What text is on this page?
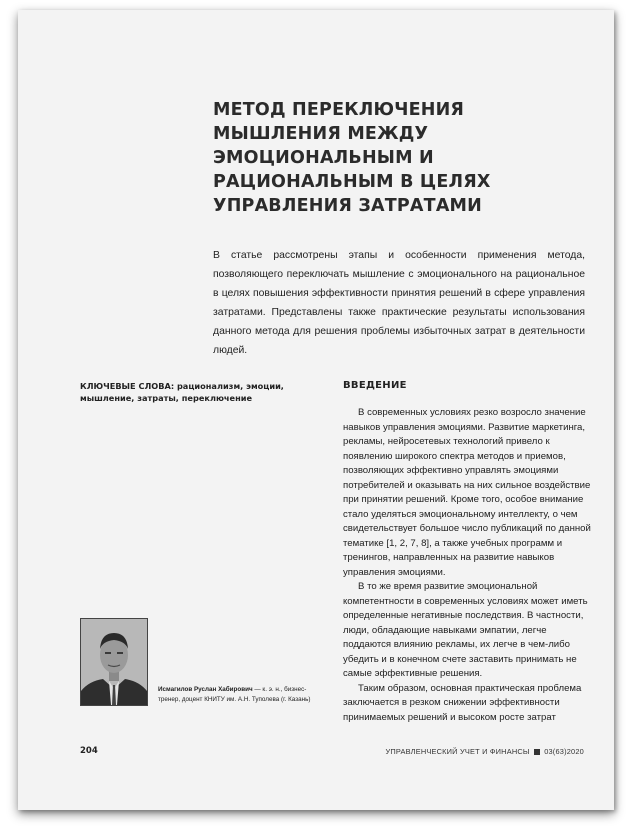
МЕТОД ПЕРЕКЛЮЧЕНИЯ МЫШЛЕНИЯ МЕЖДУ ЭМОЦИОНАЛЬНЫМ И РАЦИОНАЛЬНЫМ В ЦЕЛЯХ УПРАВЛЕНИЯ ЗАТРАТАМИ

В статье рассмотрены этапы и особенности применения метода, позволяющего переключать мышление с эмоционального на рациональное в целях повышения эффективности принятия решений в сфере управления затратами. Представлены также практические результаты использования данного метода для решения проблемы избыточных затрат в деятельности людей.

КЛЮЧЕВЫЕ СЛОВА: рационализм, эмоции, мышление, затраты, переключение

ВВЕДЕНИЕ

В современных условиях резко возросло значение навыков управления эмоциями. Развитие маркетинга, рекламы, нейросетевых технологий привело к появлению широкого спектра методов и приемов, позволяющих эффективно управлять эмоциями потребителей и оказывать на них сильное воздействие при принятии решений. Кроме того, особое внимание стало уделяться эмоциональному интеллекту, о чем свидетельствует большое число публикаций по данной тематике [1, 2, 7, 8], а также учебных программ и тренингов, направленных на развитие навыков управления эмоциями.

В то же время развитие эмоциональной компетентности в современных условиях может иметь определенные негативные последствия. В частности, люди, обладающие навыками эмпатии, легче поддаются влиянию рекламы, их легче в чем-либо убедить и в конечном счете заставить принимать не самые эффективные решения.

Таким образом, основная практическая проблема заключается в резком снижении эффективности принимаемых решений и высоком росте затрат

Исмагилов Руслан Хабирович — к. э. н., бизнес-тренер, доцент КНИТУ им. А.Н. Туполева (г. Казань)

204	УПРАВЛЕНЧЕСКИЙ УЧЕТ И ФИНАНСЫ 03(63)2020
